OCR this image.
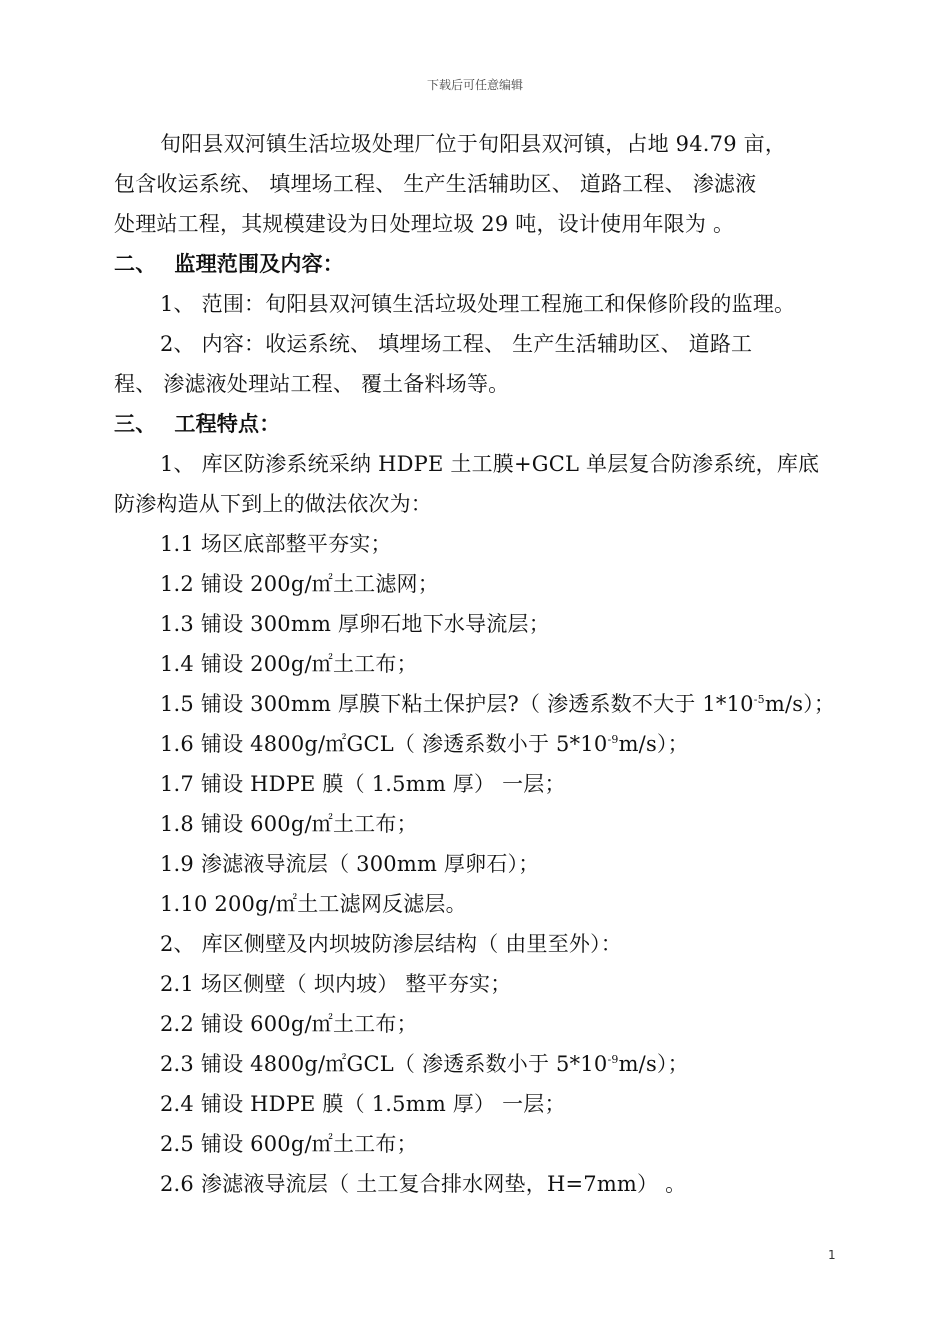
下载后可任意编辑
旬阳县双河镇生活垃圾处理厂位于旬阳县双河镇，占地 94.79 亩，
包含收运系统、 填埋场工程、 生产生活辅助区、 道路工程、 渗滤液
处理站工程，其规模建设为日处理垃圾 29 吨，设计使用年限为 。
二、 监理范围及内容：
1、 范围：旬阳县双河镇生活垃圾处理工程施工和保修阶段的监理。
2、 内容：收运系统、 填埋场工程、 生产生活辅助区、 道路工
程、 渗滤液处理站工程、 覆土备料场等。
三、 工程特点：
1、 库区防渗系统采纳 HDPE 土工膜+GCL 单层复合防渗系统，库底
防渗构造从下到上的做法依次为：
1.1 场区底部整平夯实；
1.2 铺设 200g/㎡土工滤网；
1.3 铺设 300mm 厚卵石地下水导流层；
1.4 铺设 200g/㎡土工布；
1.5 铺设 300mm 厚膜下粘土保护层?（ 渗透系数不大于 $1*10^{-5}m/s$）；
1.6 铺设 4800g/㎡GCL（ 渗透系数小于 $5*10^{-9}m/s$）；
1.7 铺设 HDPE 膜（ 1.5mm 厚） 一层；
1.8 铺设 600g/㎡土工布；
1.9 渗滤液导流层（ 300mm 厚卵石）；
1.10 200g/㎡土工滤网反滤层。
2、 库区侧壁及内坝坡防渗层结构（ 由里至外）：
2.1 场区侧壁（ 坝内坡） 整平夯实；
2.2 铺设 600g/㎡土工布；
2.3 铺设 4800g/㎡GCL（ 渗透系数小于 $5*10^{-9}m/s$）；
2.4 铺设 HDPE 膜（ 1.5mm 厚） 一层；
2.5 铺设 600g/㎡土工布；
2.6 渗滤液导流层（ 土工复合排水网垫，H=7mm） 。
1
